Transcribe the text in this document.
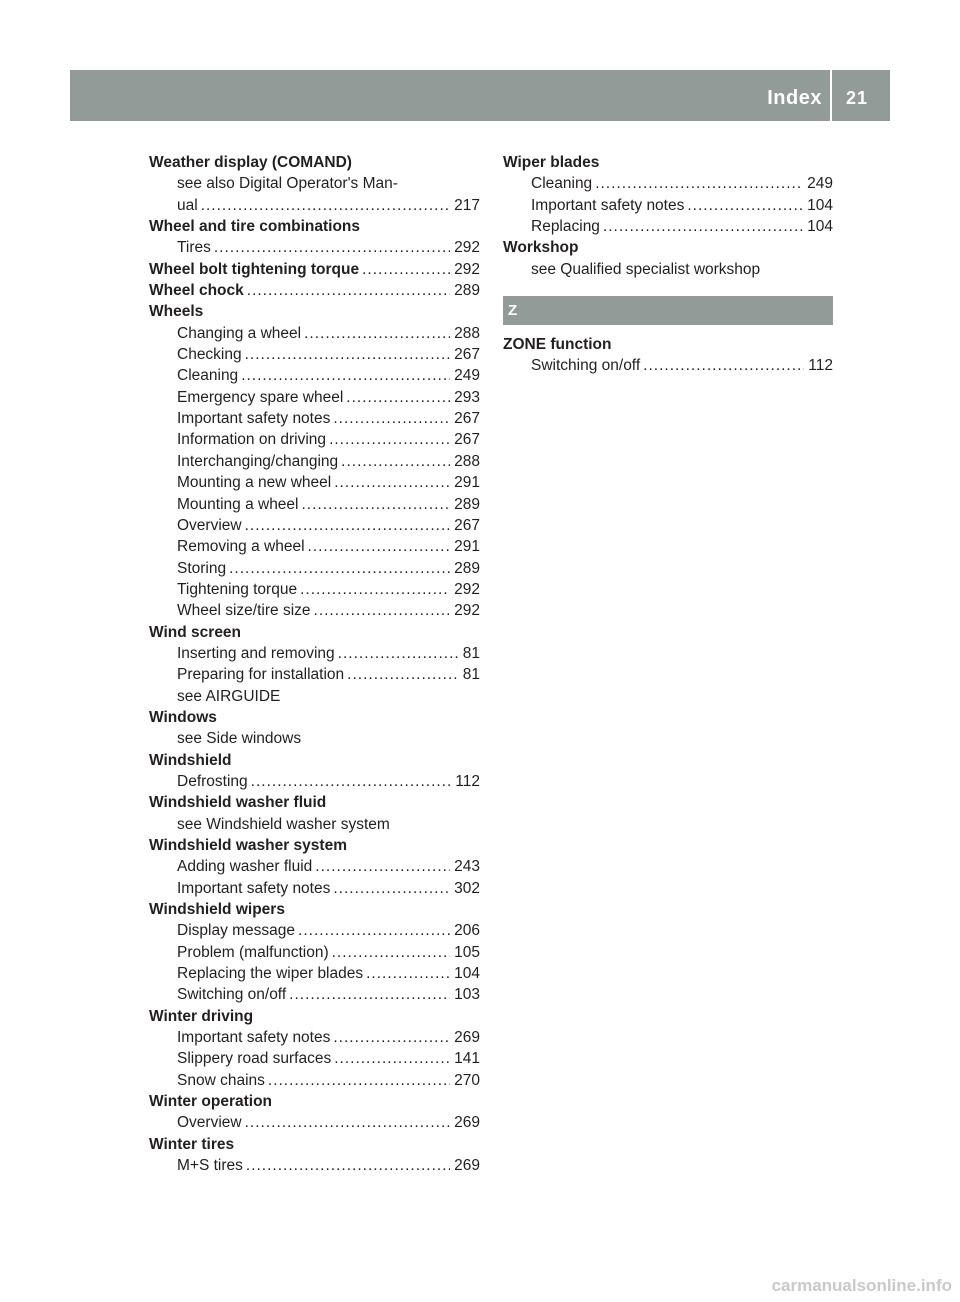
Index 21
Weather display (COMAND)
see also Digital Operator's Man-
ual .....	217
Wheel and tire combinations
Tires .....	292
Wheel bolt tightening torque .....	292
Wheel chock .....	289
Wheels
Changing a wheel .....	288
Checking .....	267
Cleaning .....	249
Emergency spare wheel .....	293
Important safety notes .....	267
Information on driving .....	267
Interchanging/changing .....	288
Mounting a new wheel .....	291
Mounting a wheel .....	289
Overview .....	267
Removing a wheel .....	291
Storing .....	289
Tightening torque .....	292
Wheel size/tire size .....	292
Wind screen
Inserting and removing .....	81
Preparing for installation .....	81
see AIRGUIDE
Windows
see Side windows
Windshield
Defrosting .....	112
Windshield washer fluid
see Windshield washer system
Windshield washer system
Adding washer fluid .....	243
Important safety notes .....	302
Windshield wipers
Display message .....	206
Problem (malfunction) .....	105
Replacing the wiper blades .....	104
Switching on/off .....	103
Winter driving
Important safety notes .....	269
Slippery road surfaces .....	141
Snow chains .....	270
Winter operation
Overview .....	269
Winter tires
M+S tires .....	269
Wiper blades
Cleaning .....	249
Important safety notes .....	104
Replacing .....	104
Workshop
see Qualified specialist workshop
Z
ZONE function
Switching on/off .....	112
carmanualsonline.info
